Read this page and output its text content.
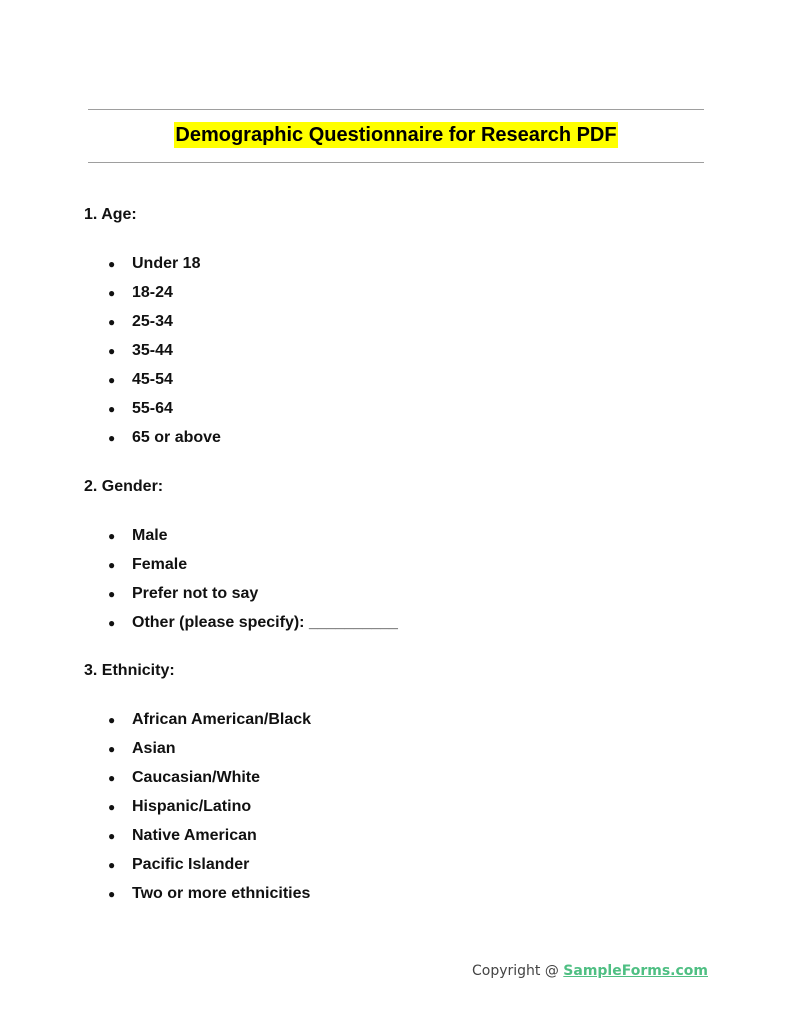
Demographic Questionnaire for Research PDF

1. Age:

●	Under 18
●	18-24
●	25-34
●	35-44
●	45-54
●	55-64
●	65 or above

2. Gender:

●	Male
●	Female
●	Prefer not to say
●	Other (please specify): __________

3. Ethnicity:

●	African American/Black
●	Asian
●	Caucasian/White
●	Hispanic/Latino
●	Native American
●	Pacific Islander
●	Two or more ethnicities
Copyright @ SampleForms.com
